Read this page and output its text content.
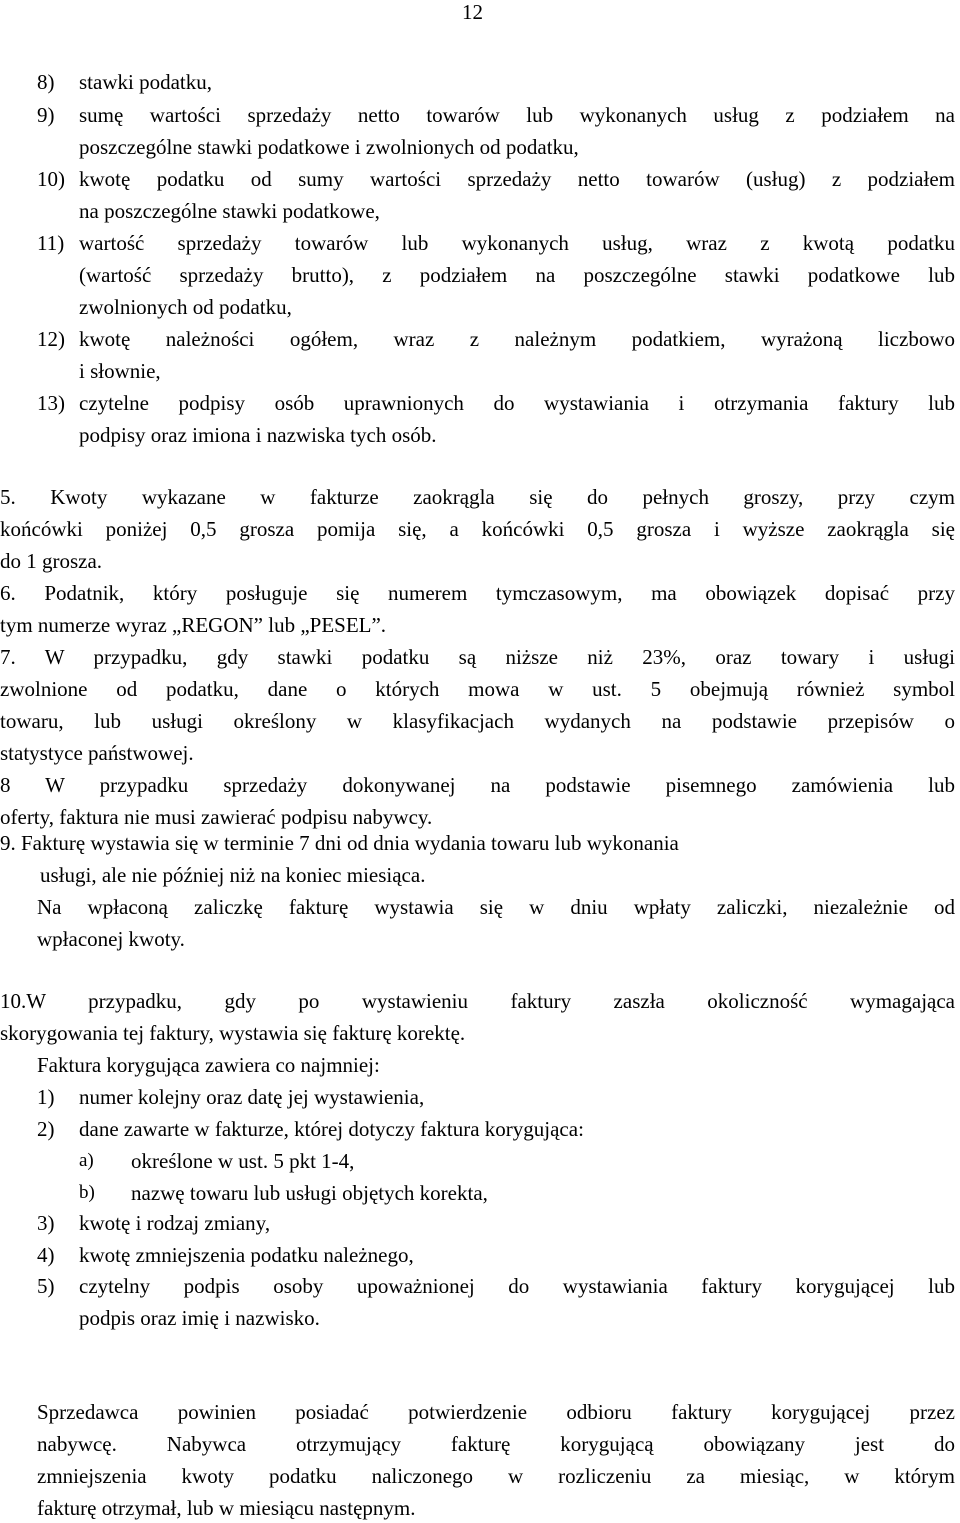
12
8) stawki podatku,
9) sumę wartości sprzedaży netto towarów lub wykonanych usług z podziałem na
poszczególne stawki podatkowe i zwolnionych od podatku,
10) kwotę podatku od sumy wartości sprzedaży netto towarów (usług) z podziałem
na poszczególne stawki podatkowe,
11) wartość sprzedaży towarów lub wykonanych usług, wraz z kwotą podatku
(wartość sprzedaży brutto), z podziałem na poszczególne stawki podatkowe lub
zwolnionych od podatku,
12) kwotę należności ogółem, wraz z należnym podatkiem, wyrażoną liczbowo
i słownie,
13) czytelne podpisy osób uprawnionych do wystawiania i otrzymania faktury lub
podpisy oraz imiona i nazwiska tych osób.
5. Kwoty wykazane w fakturze zaokrągla się do pełnych groszy, przy czym
końcówki poniżej 0,5 grosza pomija się, a końcówki 0,5 grosza i wyższe zaokrągla się
do 1 grosza.
6. Podatnik, który posługuje się numerem tymczasowym, ma obowiązek dopisać przy
tym numerze wyraz „REGON” lub „PESEL”.
7. W przypadku, gdy stawki podatku są niższe niż 23%, oraz towary i usługi
zwolnione od podatku, dane o których mowa w ust. 5 obejmują również symbol
towaru, lub usługi określony w klasyfikacjach wydanych na podstawie przepisów o
statystyce państwowej.
8 W przypadku sprzedaży dokonywanej na podstawie pisemnego zamówienia lub
oferty, faktura nie musi zawierać podpisu nabywcy.
9. Fakturę wystawia się w terminie 7 dni od dnia wydania towaru lub wykonania
usługi, ale nie później niż na koniec miesiąca.
Na wpłaconą zaliczkę fakturę wystawia się w dniu wpłaty zaliczki, niezależnie od
wpłaconej kwoty.
10.W przypadku, gdy po wystawieniu faktury zaszła okoliczność wymagająca
skorygowania tej faktury, wystawia się fakturę korektę.
Faktura korygująca zawiera co najmniej:
1) numer kolejny oraz datę jej wystawienia,
2) dane zawarte w fakturze, której dotyczy faktura korygująca:
a) określone w ust. 5 pkt 1-4,
b) nazwę towaru lub usługi objętych korekta,
3) kwotę i rodzaj zmiany,
4) kwotę zmniejszenia podatku należnego,
5) czytelny podpis osoby upoważnionej do wystawiania faktury korygującej lub
podpis oraz imię i nazwisko.
Sprzedawca powinien posiadać potwierdzenie odbioru faktury korygującej przez
nabywcę. Nabywca otrzymujący fakturę korygującą obowiązany jest do
zmniejszenia kwoty podatku naliczonego w rozliczeniu za miesiąc, w którym
fakturę otrzymał, lub w miesiącu następnym.
